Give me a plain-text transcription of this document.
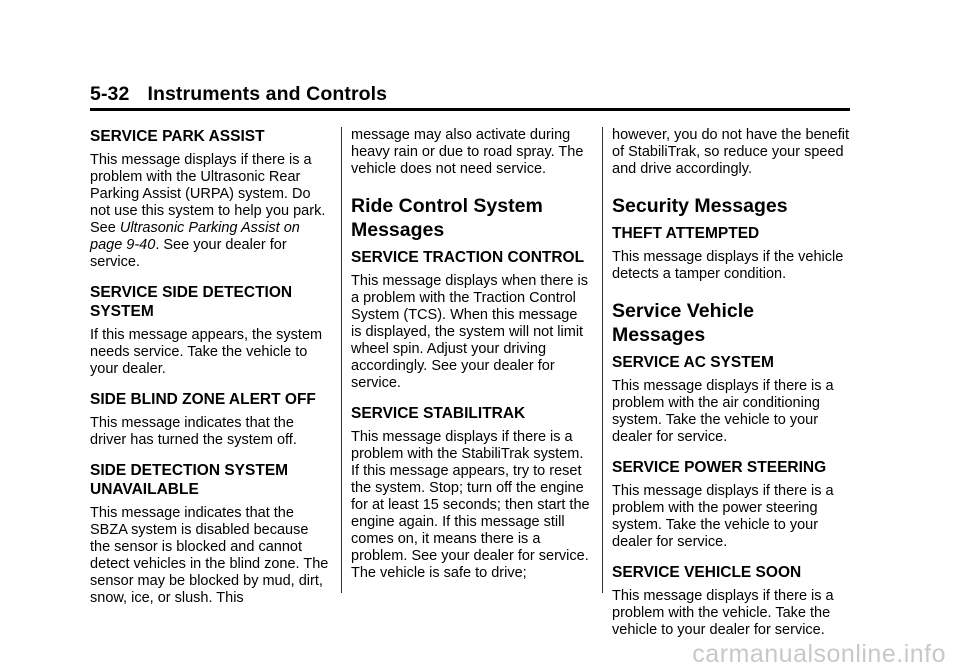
5-32 Instruments and Controls
SERVICE PARK ASSIST

This message displays if there is a problem with the Ultrasonic Rear Parking Assist (URPA) system. Do not use this system to help you park. See Ultrasonic Parking Assist on page 9-40. See your dealer for service.

SERVICE SIDE DETECTION SYSTEM

If this message appears, the system needs service. Take the vehicle to your dealer.

SIDE BLIND ZONE ALERT OFF

This message indicates that the driver has turned the system off.

SIDE DETECTION SYSTEM UNAVAILABLE

This message indicates that the SBZA system is disabled because the sensor is blocked and cannot detect vehicles in the blind zone. The sensor may be blocked by mud, dirt, snow, ice, or slush. This

message may also activate during heavy rain or due to road spray. The vehicle does not need service.

Ride Control System Messages
SERVICE TRACTION CONTROL

This message displays when there is a problem with the Traction Control System (TCS). When this message is displayed, the system will not limit wheel spin. Adjust your driving accordingly. See your dealer for service.

SERVICE STABILITRAK

This message displays if there is a problem with the StabiliTrak system. If this message appears, try to reset the system. Stop; turn off the engine for at least 15 seconds; then start the engine again. If this message still comes on, it means there is a problem. See your dealer for service. The vehicle is safe to drive;

however, you do not have the benefit of StabiliTrak, so reduce your speed and drive accordingly.

Security Messages
THEFT ATTEMPTED

This message displays if the vehicle detects a tamper condition.

Service Vehicle Messages
SERVICE AC SYSTEM

This message displays if there is a problem with the air conditioning system. Take the vehicle to your dealer for service.

SERVICE POWER STEERING

This message displays if there is a problem with the power steering system. Take the vehicle to your dealer for service.

SERVICE VEHICLE SOON

This message displays if there is a problem with the vehicle. Take the vehicle to your dealer for service.

carmanualsonline.info
